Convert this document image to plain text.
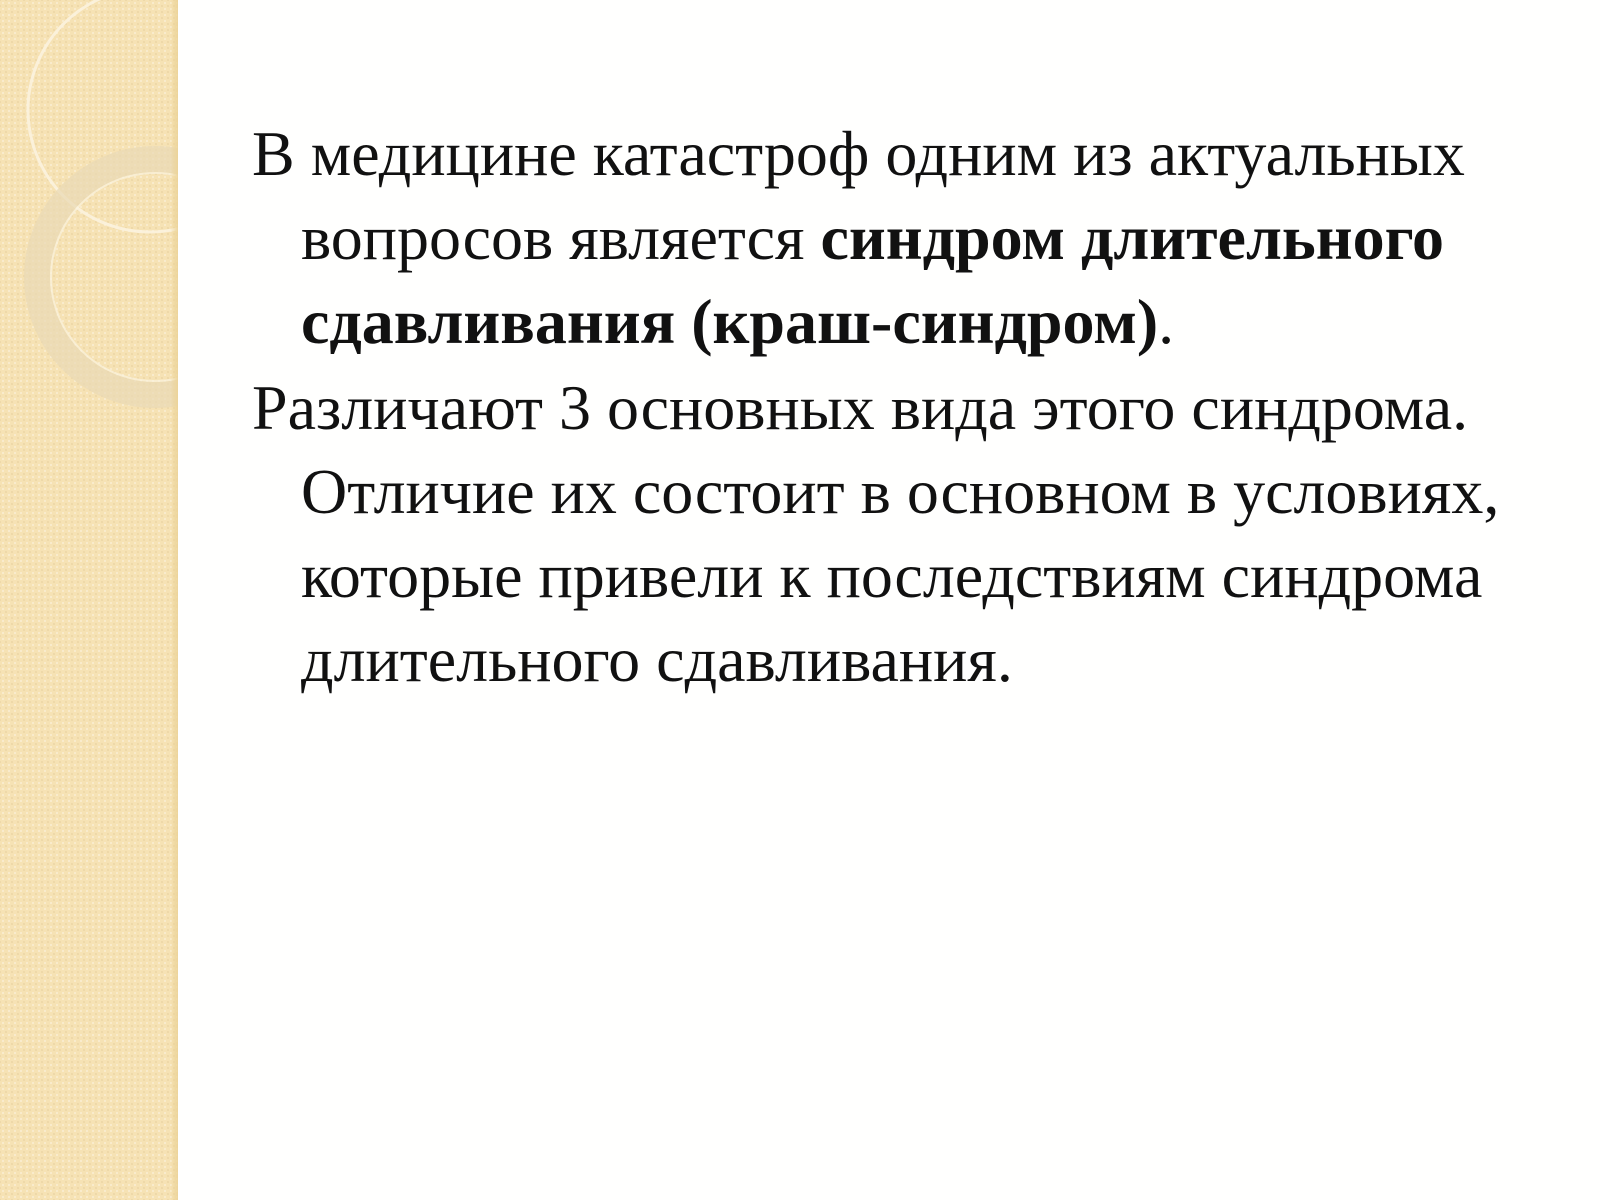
В медицине катастроф одним из актуальных вопросов является синдром длительного сдавливания (краш-синдром).

Различают 3 основных вида этого синдрома. Отличие их состоит в основном в условиях, которые привели к последствиям синдрома длительного сдавливания.
